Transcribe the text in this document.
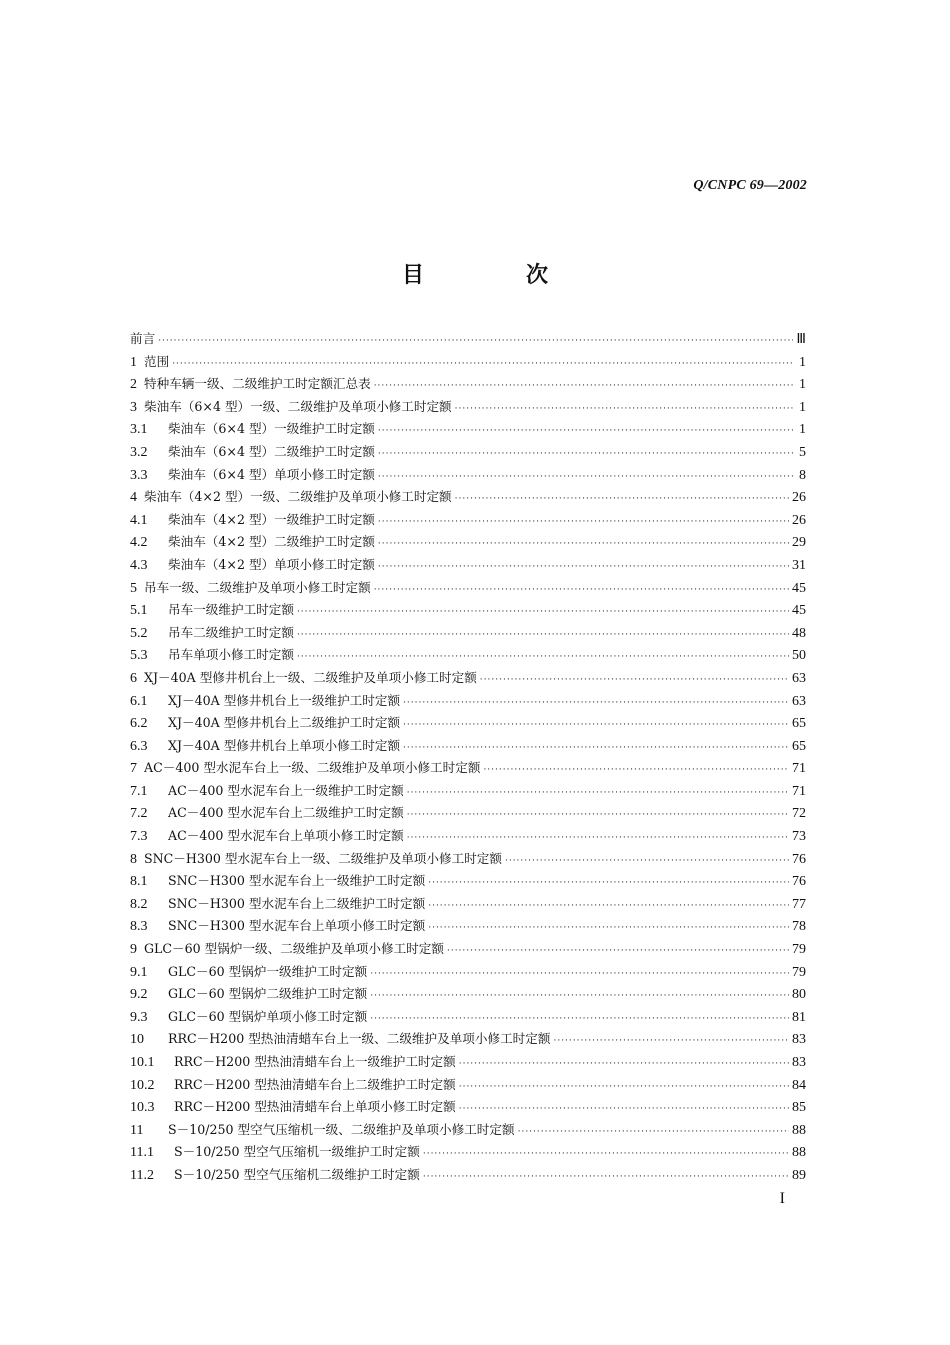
Q/CNPC 69—2002
目　次
前言 ·····	Ⅲ
1 范围 ·····	1
2 特种车辆一级、二级维护工时定额汇总表 ·····	1
3 柴油车（6×4 型）一级、二级维护及单项小修工时定额 ·····	1
3.1	柴油车（6×4 型）一级维护工时定额 ·····	1
3.2	柴油车（6×4 型）二级维护工时定额 ·····	5
3.3	柴油车（6×4 型）单项小修工时定额 ·····	8
4 柴油车（4×2 型）一级、二级维护及单项小修工时定额 ·····	26
4.1	柴油车（4×2 型）一级维护工时定额 ·····	26
4.2	柴油车（4×2 型）二级维护工时定额 ·····	29
4.3	柴油车（4×2 型）单项小修工时定额 ·····	31
5 吊车一级、二级维护及单项小修工时定额 ·····	45
5.1	吊车一级维护工时定额 ·····	45
5.2	吊车二级维护工时定额 ·····	48
5.3	吊车单项小修工时定额 ·····	50
6 XJ－40A 型修井机台上一级、二级维护及单项小修工时定额 ·····	63
6.1	XJ－40A 型修井机台上一级维护工时定额 ·····	63
6.2	XJ－40A 型修井机台上二级维护工时定额 ·····	65
6.3	XJ－40A 型修井机台上单项小修工时定额 ·····	65
7 AC－400 型水泥车台上一级、二级维护及单项小修工时定额 ·····	71
7.1	AC－400 型水泥车台上一级维护工时定额 ·····	71
7.2	AC－400 型水泥车台上二级维护工时定额 ·····	72
7.3	AC－400 型水泥车台上单项小修工时定额 ·····	73
8 SNC－H300 型水泥车台上一级、二级维护及单项小修工时定额 ·····	76
8.1	SNC－H300 型水泥车台上一级维护工时定额 ·····	76
8.2	SNC－H300 型水泥车台上二级维护工时定额 ·····	77
8.3	SNC－H300 型水泥车台上单项小修工时定额 ·····	78
9 GLC－60 型锅炉一级、二级维护及单项小修工时定额 ·····	79
9.1	GLC－60 型锅炉一级维护工时定额 ·····	79
9.2	GLC－60 型锅炉二级维护工时定额 ·····	80
9.3	GLC－60 型锅炉单项小修工时定额 ·····	81
10	RRC－H200 型热油清蜡车台上一级、二级维护及单项小修工时定额 ·····	83
10.1	RRC－H200 型热油清蜡车台上一级维护工时定额 ·····	83
10.2	RRC－H200 型热油清蜡车台上二级维护工时定额 ·····	84
10.3	RRC－H200 型热油清蜡车台上单项小修工时定额 ·····	85
11	S－10/250 型空气压缩机一级、二级维护及单项小修工时定额 ·····	88
11.1	S－10/250 型空气压缩机一级维护工时定额 ·····	88
11.2	S－10/250 型空气压缩机二级维护工时定额 ·····	89
I
